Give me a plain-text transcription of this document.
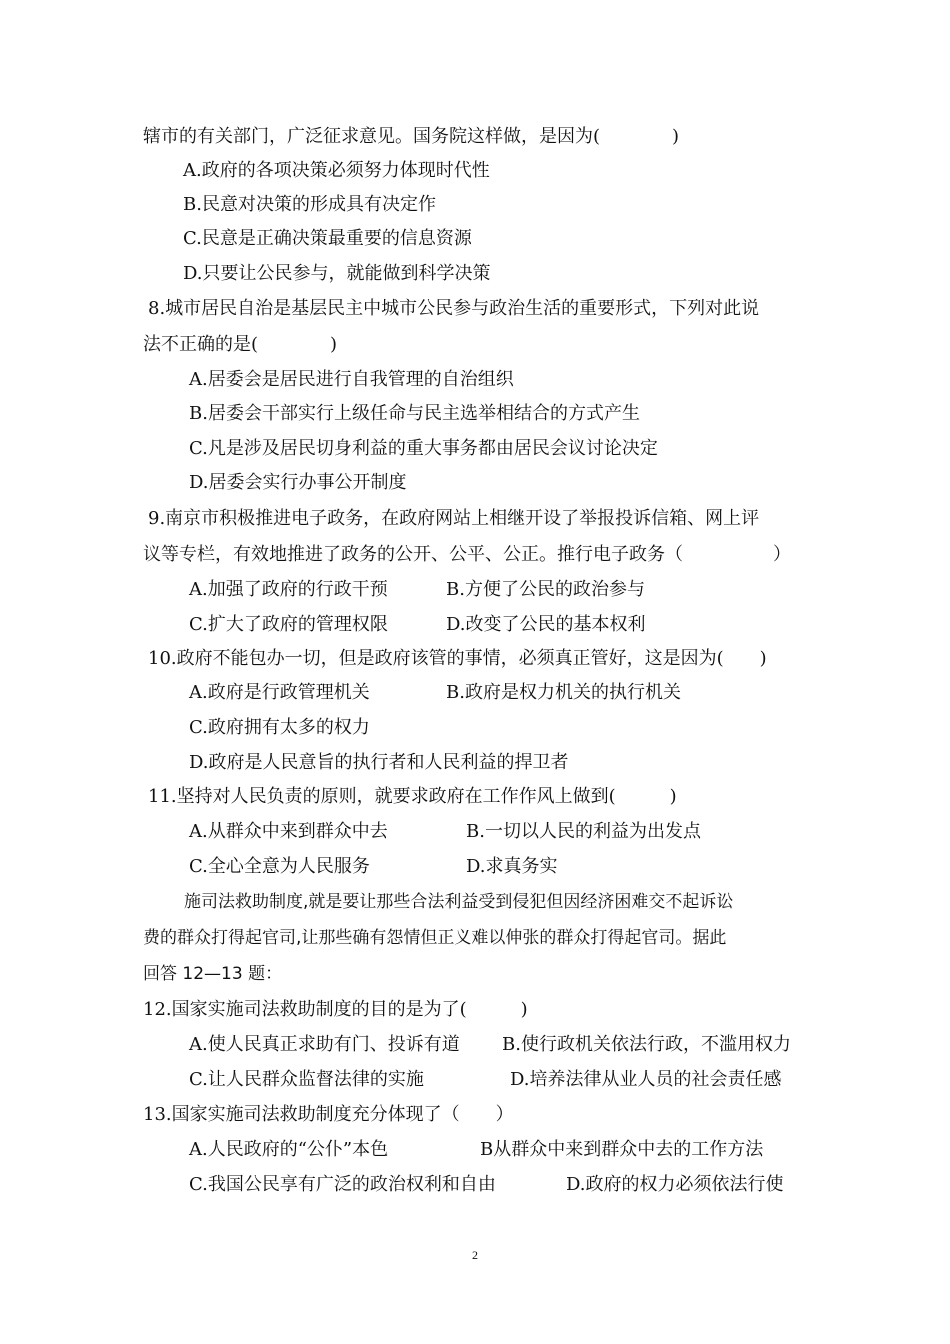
辖市的有关部门，广泛征求意见。国务院这样做，是因为(　　　　)
A.政府的各项决策必须努力体现时代性
B.民意对决策的形成具有决定作
C.民意是正确决策最重要的信息资源
D.只要让公民参与，就能做到科学决策
8.城市居民自治是基层民主中城市公民参与政治生活的重要形式，下列对此说
法不正确的是(　　　　)
A.居委会是居民进行自我管理的自治组织
B.居委会干部实行上级任命与民主选举相结合的方式产生
C.凡是涉及居民切身利益的重大事务都由居民会议讨论决定
D.居委会实行办事公开制度
9.南京市积极推进电子政务，在政府网站上相继开设了举报投诉信箱、网上评
议等专栏，有效地推进了政务的公开、公平、公正。推行电子政务（　　　　　）
A.加强了政府的行政干预	B.方便了公民的政治参与
C.扩大了政府的管理权限	D.改变了公民的基本权利
10.政府不能包办一切，但是政府该管的事情，必须真正管好，这是因为(　　)
A.政府是行政管理机关	B.政府是权力机关的执行机关
C.政府拥有太多的权力
D.政府是人民意旨的执行者和人民利益的捍卫者
11.坚持对人民负责的原则，就要求政府在工作作风上做到(　　　)
A.从群众中来到群众中去	B.一切以人民的利益为出发点
C.全心全意为人民服务	D.求真务实
施司法救助制度,就是要让那些合法利益受到侵犯但因经济困难交不起诉讼
费的群众打得起官司,让那些确有怨情但正义难以伸张的群众打得起官司。据此
回答 12—13 题：
12.国家实施司法救助制度的目的是为了(　　　)
A.使人民真正求助有门、投诉有道 B.使行政机关依法行政，不滥用权力
C.让人民群众监督法律的实施	D.培养法律从业人员的社会责任感
13.国家实施司法救助制度充分体现了（　　）
A.人民政府的“公仆”本色	B从群众中来到群众中去的工作方法
C.我国公民享有广泛的政治权利和自由	D.政府的权力必须依法行使
2
